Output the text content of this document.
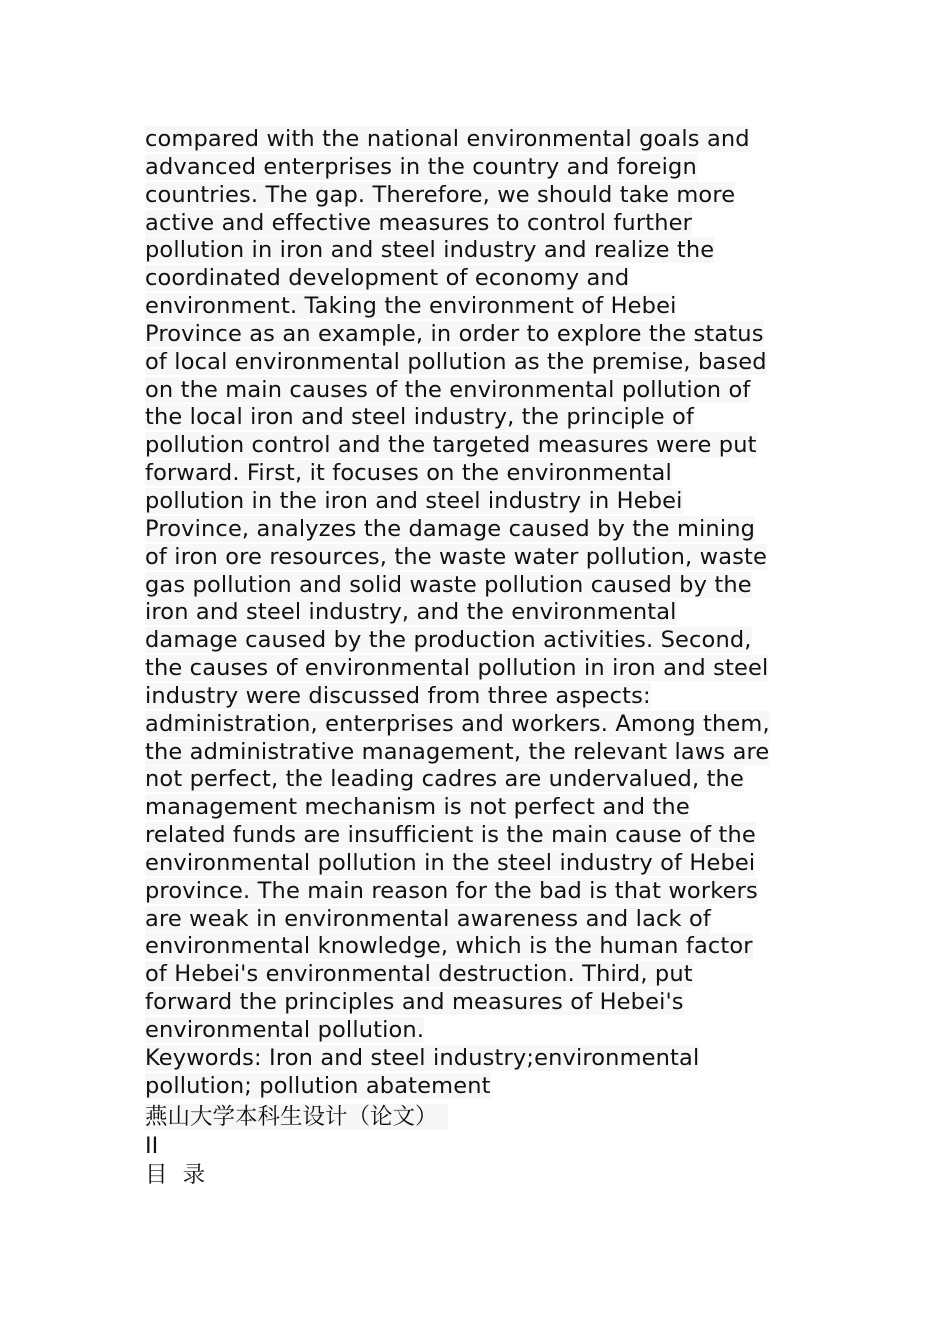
compared with the national environmental goals and
advanced enterprises in the country and foreign
countries. The gap. Therefore, we should take more
active and effective measures to control further
pollution in iron and steel industry and realize the
coordinated development of economy and
environment. Taking the environment of Hebei
Province as an example, in order to explore the status
of local environmental pollution as the premise, based
on the main causes of the environmental pollution of
the local iron and steel industry, the principle of
pollution control and the targeted measures were put
forward. First, it focuses on the environmental
pollution in the iron and steel industry in Hebei
Province, analyzes the damage caused by the mining
of iron ore resources, the waste water pollution, waste
gas pollution and solid waste pollution caused by the
iron and steel industry, and the environmental
damage caused by the production activities. Second,
the causes of environmental pollution in iron and steel
industry were discussed from three aspects:
administration, enterprises and workers. Among them,
the administrative management, the relevant laws are
not perfect, the leading cadres are undervalued, the
management mechanism is not perfect and the
related funds are insufficient is the main cause of the
environmental pollution in the steel industry of Hebei
province. The main reason for the bad is that workers
are weak in environmental awareness and lack of
environmental knowledge, which is the human factor
of Hebei's environmental destruction. Third, put
forward the principles and measures of Hebei's
environmental pollution.
Keywords: Iron and steel industry;environmental
pollution; pollution abatement
燕山大学本科生设计（论文）
II
目 录
